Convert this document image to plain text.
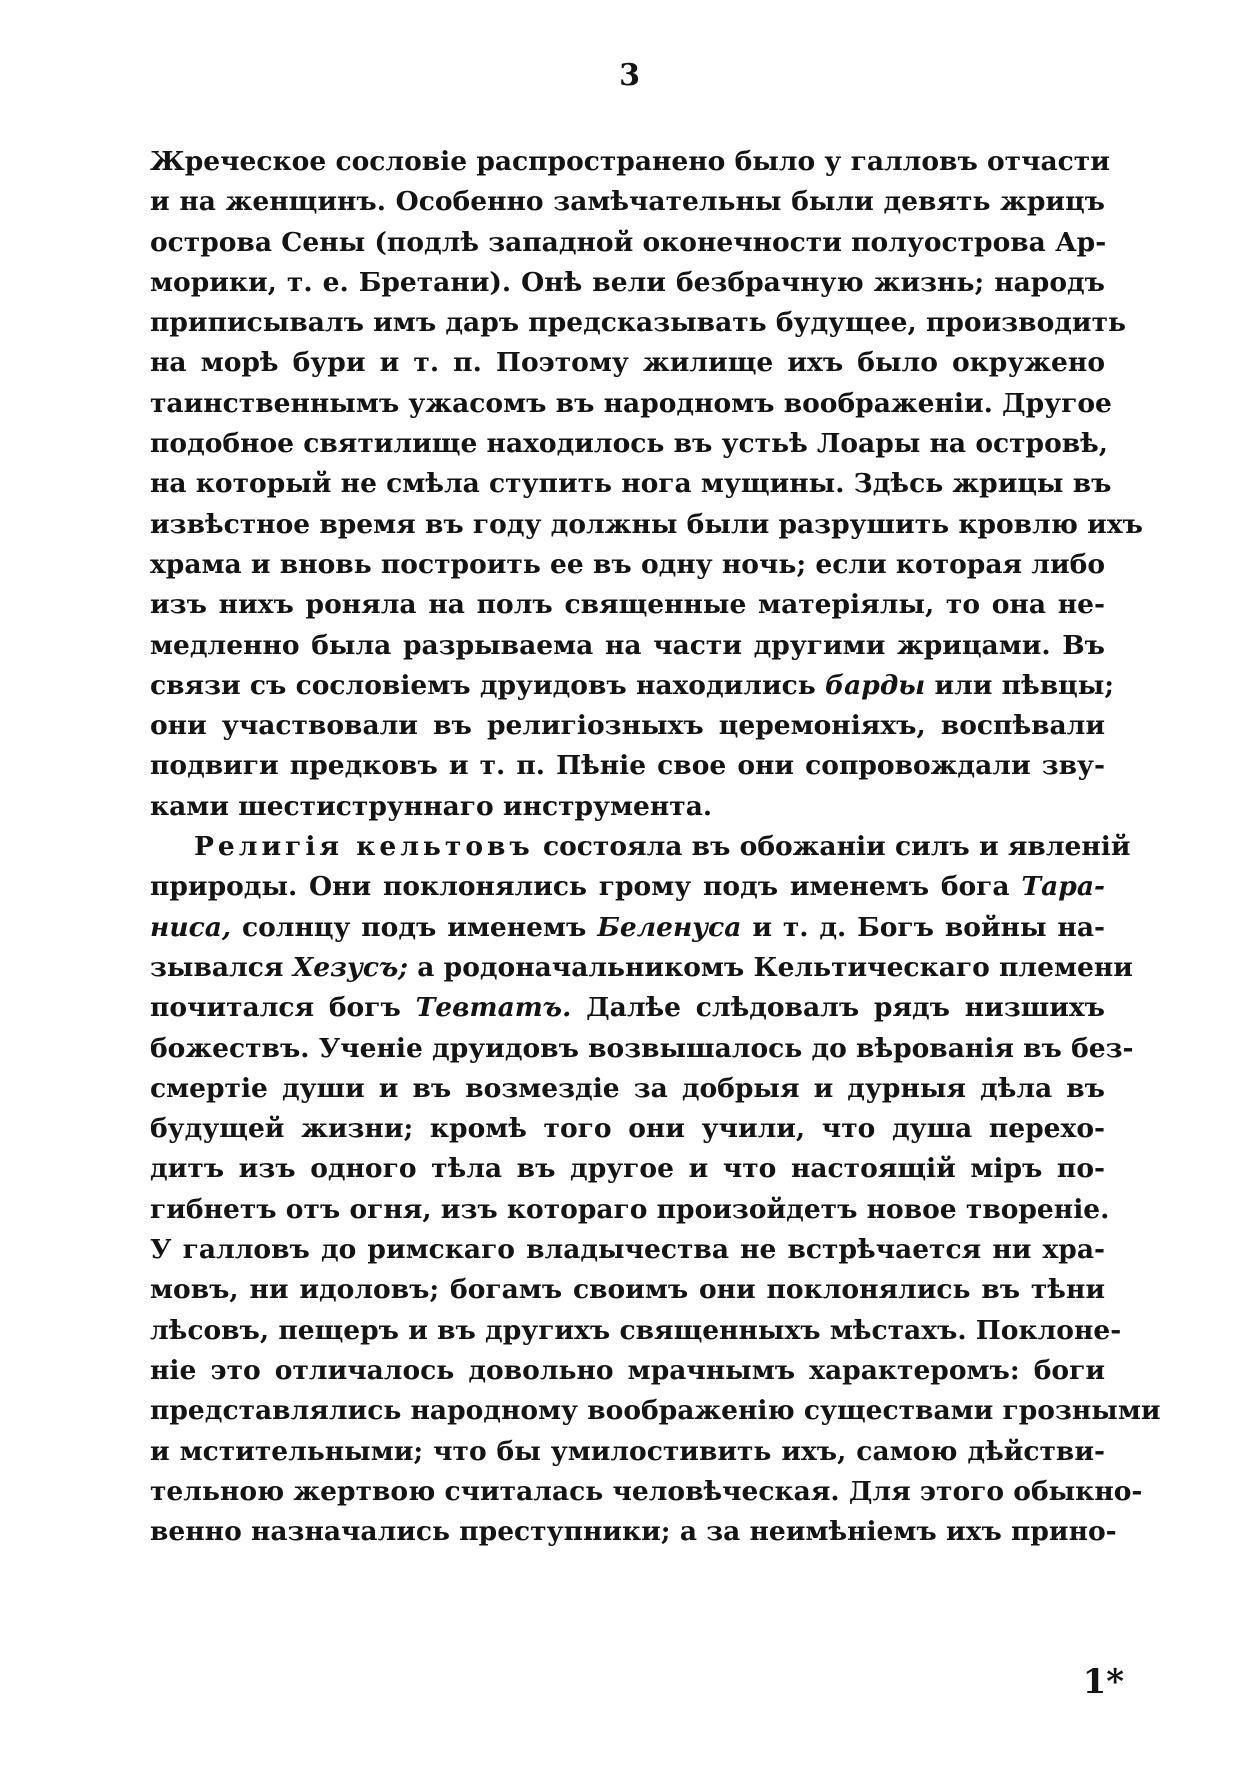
3
Жреческое сословіе распространено было у галловъ отчасти
и на женщинъ. Особенно замѣчательны были девять жрицъ
острова Сены (подлѣ западной оконечности полуострова Ар-
морики, т. е. Бретани). Онѣ вели безбрачную жизнь; народъ
приписывалъ имъ даръ предсказывать будущее, производить
на морѣ бури и т. п. Поэтому жилище ихъ было окружено
таинственнымъ ужасомъ въ народномъ воображеніи. Другое
подобное святилище находилось въ устьѣ Лоары на островѣ,
на который не смѣла ступить нога мущины. Здѣсь жрицы въ
извѣстное время въ году должны были разрушить кровлю ихъ
храма и вновь построить ее въ одну ночь; если которая либо
изъ нихъ роняла на полъ священные матеріялы, то она не-
медленно была разрываема на части другими жрицами. Въ
связи съ сословіемъ друидовъ находились барды или пѣвцы;
они участвовали въ религіозныхъ церемоніяхъ, воспѣвали
подвиги предковъ и т. п. Пѣніе свое они сопровождали зву-
ками шестиструннаго инструмента.
Религія кельтовъ состояла въ обожаніи силъ и явленій
природы. Они поклонялись грому подъ именемъ бога Тара-
ниса, солнцу подъ именемъ Беленуса и т. д. Богъ войны на-
зывался Хезусъ; а родоначальникомъ Кельтическаго племени
почитался богъ Тевтатъ. Далѣе слѣдовалъ рядъ низшихъ
божествъ. Ученіе друидовъ возвышалось до вѣрованія въ без-
смертіе души и въ возмездіе за добрыя и дурныя дѣла въ
будущей жизни; кромѣ того они учили, что душа перехо-
дитъ изъ одного тѣла въ другое и что настоящій міръ по-
гибнетъ отъ огня, изъ котораго произойдетъ новое твореніе.
У галловъ до римскаго владычества не встрѣчается ни хра-
мовъ, ни идоловъ; богамъ своимъ они поклонялись въ тѣни
лѣсовъ, пещеръ и въ другихъ священныхъ мѣстахъ. Поклоне-
ніе это отличалось довольно мрачнымъ характеромъ: боги
представлялись народному воображенію существами грозными
и мстительными; что бы умилостивить ихъ, самою дѣйстви-
тельною жертвою считалась человѣческая. Для этого обыкно-
венно назначались преступники; а за неимѣніемъ ихъ прино-
1*
